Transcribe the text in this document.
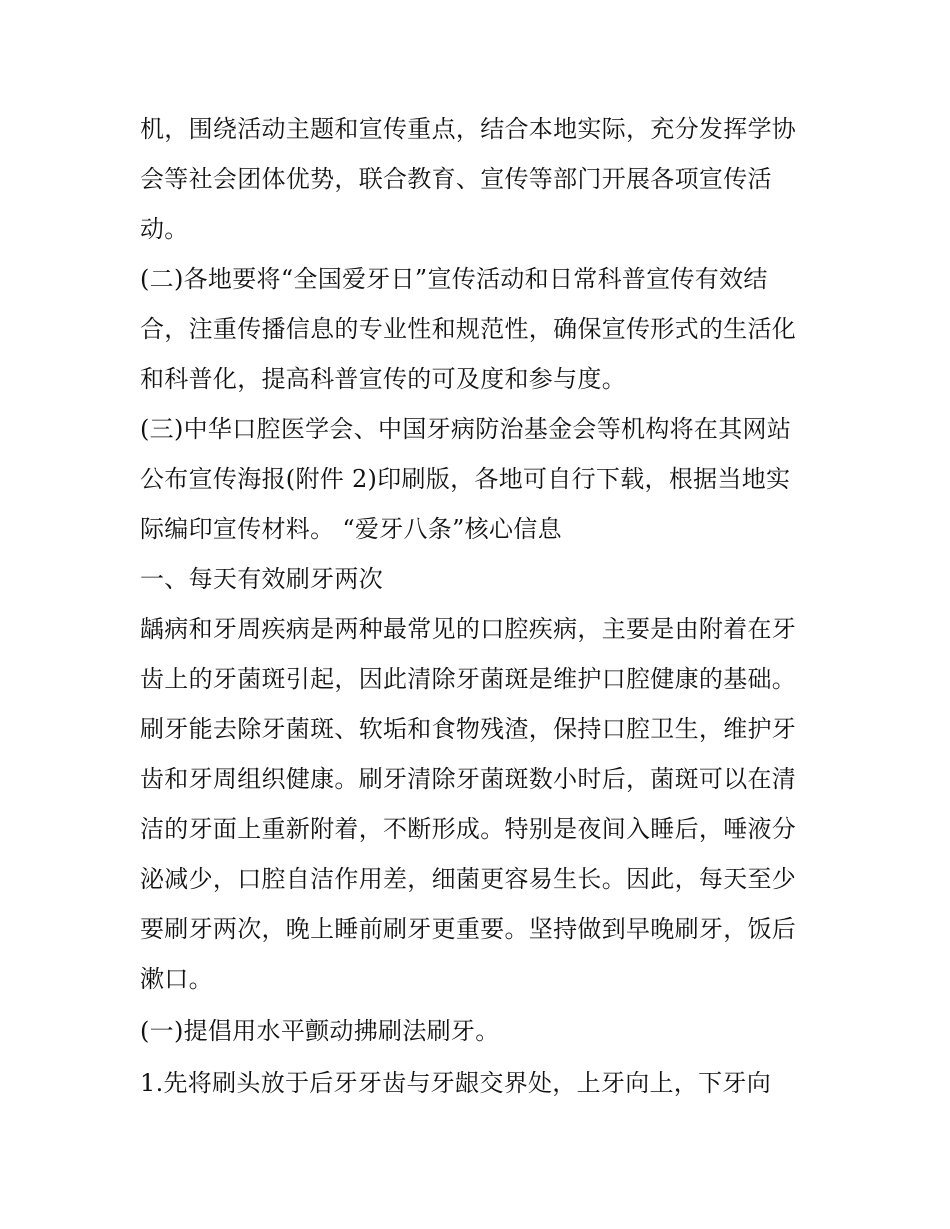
机，围绕活动主题和宣传重点，结合本地实际，充分发挥学协
会等社会团体优势，联合教育、宣传等部门开展各项宣传活
动。
(二)各地要将“全国爱牙日”宣传活动和日常科普宣传有效结
合，注重传播信息的专业性和规范性，确保宣传形式的生活化
和科普化，提高科普宣传的可及度和参与度。
(三)中华口腔医学会、中国牙病防治基金会等机构将在其网站
公布宣传海报(附件 2)印刷版，各地可自行下载，根据当地实
际编印宣传材料。 “爱牙八条”核心信息
一、每天有效刷牙两次
龋病和牙周疾病是两种最常见的口腔疾病，主要是由附着在牙
齿上的牙菌斑引起，因此清除牙菌斑是维护口腔健康的基础。
刷牙能去除牙菌斑、软垢和食物残渣，保持口腔卫生，维护牙
齿和牙周组织健康。刷牙清除牙菌斑数小时后，菌斑可以在清
洁的牙面上重新附着，不断形成。特别是夜间入睡后，唾液分
泌减少，口腔自洁作用差，细菌更容易生长。因此，每天至少
要刷牙两次，晚上睡前刷牙更重要。坚持做到早晚刷牙，饭后
漱口。
(一)提倡用水平颤动拂刷法刷牙。
1.先将刷头放于后牙牙齿与牙龈交界处，上牙向上，下牙向
